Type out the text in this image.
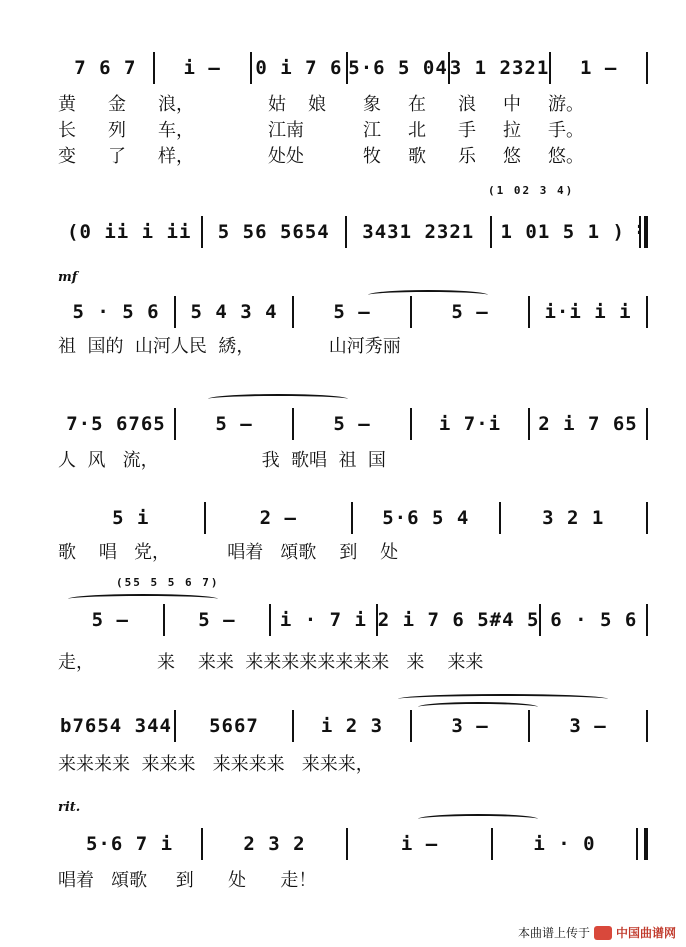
7 6 7 i – 0 i 7 6 5·6 5 04 3 1 2321 1 –
黄 金 浪，	姑 娘 象 在 浪 中 游。
长 列 车，	江南	江 北 手 拉 手。
变 了 样，	处处	牧 歌 乐 悠 悠。
(1 02 3 4)
(0 ii i ii 5 56 5654 3431 2321 1 01 5 1 )
:
mf
5 · 5 6 5 4 3 4	5 –	5 –	i·i i i
祖  国的  山河人民  綉，             山河秀丽
7·5 6765	5 –	5 –	i 7·i 2 i 7 65
人  风   流，                  我  歌唱  祖  国
5 i	2 –	5·6 5 4	3 2 1
歌    唱   党，          唱着   頌歌    到    处
(55 5 5 6 7)
5 –	5 – i · 7 i 2 i 7 6 5#4 5 6 · 5 6
走，           来    来来  来来来来来来来来   来    来来
b7654 344 5667	i 2 3	3 –	3 –
来来来来  来来来   来来来来   来来来，
rit.
5·6 7 i	2 3 2	i –	i · 0
唱着   頌歌     到      处      走！
本曲谱上传于 中国曲谱网
